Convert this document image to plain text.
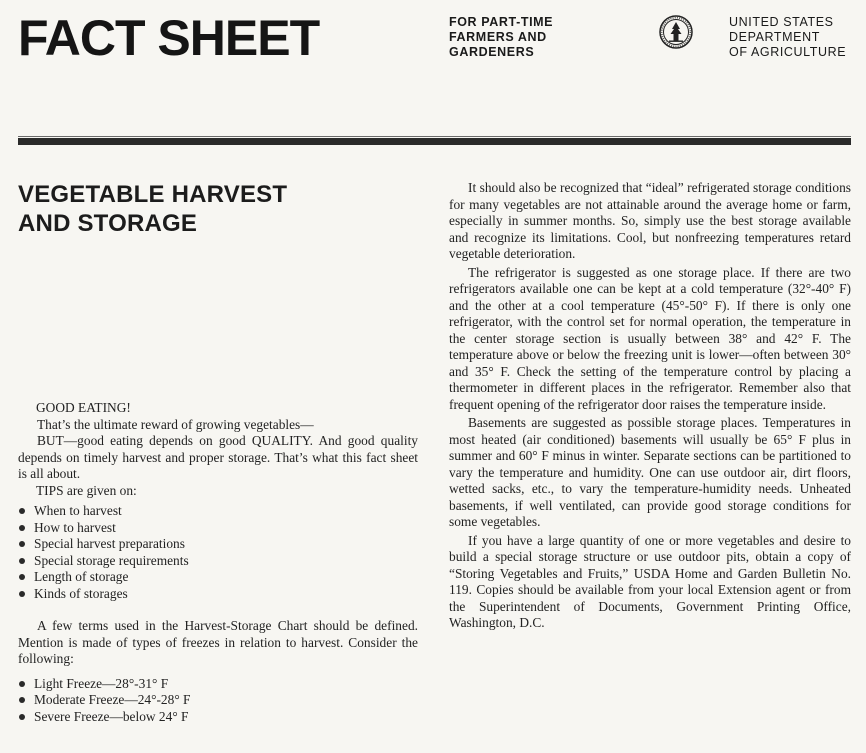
FACT SHEET	FOR PART-TIME
FARMERS AND
GARDENERS
UNITED STATES
DEPARTMENT
OF AGRICULTURE
VEGETABLE HARVEST
AND STORAGE

GOOD EATING!

That’s the ultimate reward of growing vegetables—

BUT—good eating depends on good QUALITY. And good quality depends on timely harvest and proper storage. That’s what this fact sheet is all about.

TIPS are given on:

When to harvest
How to harvest
Special harvest preparations
Special storage requirements
Length of storage
Kinds of storages

A few terms used in the Harvest-Storage Chart should be defined. Mention is made of types of freezes in relation to harvest. Consider the following:

Light Freeze—28°-31° F
Moderate Freeze—24°-28° F
Severe Freeze—below 24° F

It should also be recognized that “ideal” refrigerated storage conditions for many vegetables are not attainable around the average home or farm, especially in summer months. So, simply use the best storage available and recognize its limitations. Cool, but nonfreezing temperatures retard vegetable deterioration.

The refrigerator is suggested as one storage place. If there are two refrigerators available one can be kept at a cold temperature (32°-40° F) and the other at a cool temperature (45°-50° F). If there is only one refrigerator, with the control set for normal operation, the temperature in the center storage section is usually between 38° and 42° F. The temperature above or below the freezing unit is lower—often between 30° and 35° F. Check the setting of the temperature control by placing a thermometer in different places in the refrigerator. Remember also that frequent opening of the refrigerator door raises the temperature inside.

Basements are suggested as possible storage places. Temperatures in most heated (air conditioned) basements will usually be 65° F plus in summer and 60° F minus in winter. Separate sections can be partitioned to vary the temperature and humidity. One can use outdoor air, dirt floors, wetted sacks, etc., to vary the temperature-humidity needs. Unheated basements, if well ventilated, can provide good storage conditions for some vegetables.

If you have a large quantity of one or more vegetables and desire to build a special storage structure or use outdoor pits, obtain a copy of “Storing Vegetables and Fruits,” USDA Home and Garden Bulletin No. 119. Copies should be available from your local Extension agent or from the Superintendent of Documents, Government Printing Office, Washington, D.C.
